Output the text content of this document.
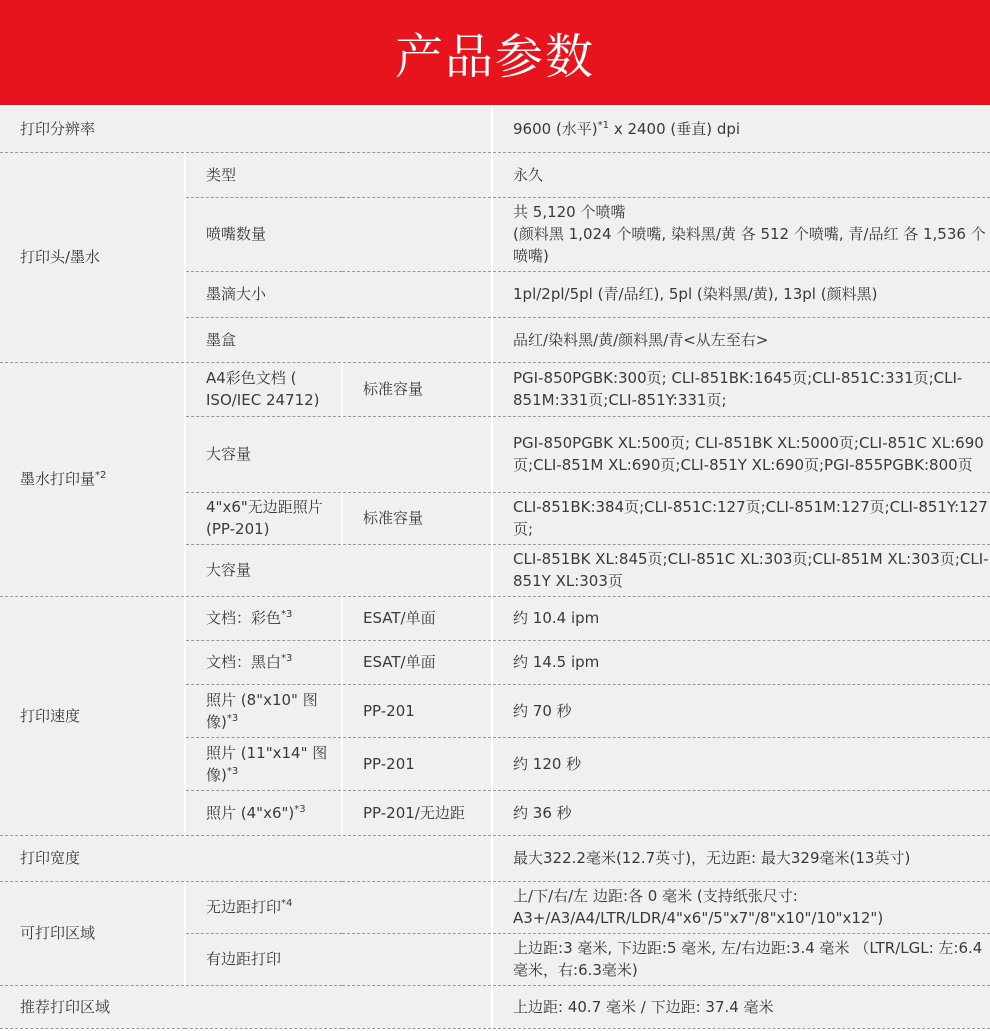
产品参数
打印分辨率			9600 (水平)$^{*1}$ x 2400 (垂直) dpi
打印头/墨水	类型		永久
	喷嘴数量		共 5,120 个喷嘴
(颜料黑 1,024 个喷嘴, 染料黑/黄 各 512 个喷嘴, 青/品红 各 1,536 个喷嘴)

	墨滴大小		1pl/2pl/5pl (青/品红), 5pl (染料黑/黄), 13pl (颜料黑)
	墨盒		品红/染料黑/黄/颜料黑/青<从左至右>
墨水打印量$^{*2}$	A4彩色文档 ( ISO/IEC 24712)	标准容量	PGI-850PGBK:300页; CLI-851BK:1645页;CLI-851C:331页;CLI-851M:331页;CLI-851Y:331页;
	大容量		PGI-850PGBK XL:500页; CLI-851BK XL:5000页;CLI-851C XL:690页;CLI-851M XL:690页;CLI-851Y XL:690页;PGI-855PGBK:800页
	4"x6"无边距照片 (PP-201)	标准容量	CLI-851BK:384页;CLI-851C:127页;CLI-851M:127页;CLI-851Y:127页;
	大容量		CLI-851BK XL:845页;CLI-851C XL:303页;CLI-851M XL:303页;CLI-851Y XL:303页
打印速度	文档：彩色$^{*3}$	ESAT/单面	约 10.4 ipm
	文档：黑白$^{*3}$	ESAT/单面	约 14.5 ipm
	照片 (8"x10" 图像)$^{*3}$	PP-201	约 70 秒
	照片 (11"x14" 图像)$^{*3}$	PP-201	约 120 秒
	照片 (4"x6")$^{*3}$	PP-201/无边距	约 36 秒
打印宽度			最大322.2毫米(12.7英寸)，无边距: 最大329毫米(13英寸)
可打印区域	无边距打印$^{*4}$		上/下/右/左 边距:各 0 毫米 (支持纸张尺寸: A3+/A3/A4/LTR/LDR/4"x6"/5"x7"/8"x10"/10"x12")
	有边距打印		上边距:3 毫米, 下边距:5 毫米, 左/右边距:3.4 毫米 （LTR/LGL: 左:6.4毫米，右:6.3毫米)
推荐打印区域			上边距: 40.7 毫米 / 下边距: 37.4 毫米
